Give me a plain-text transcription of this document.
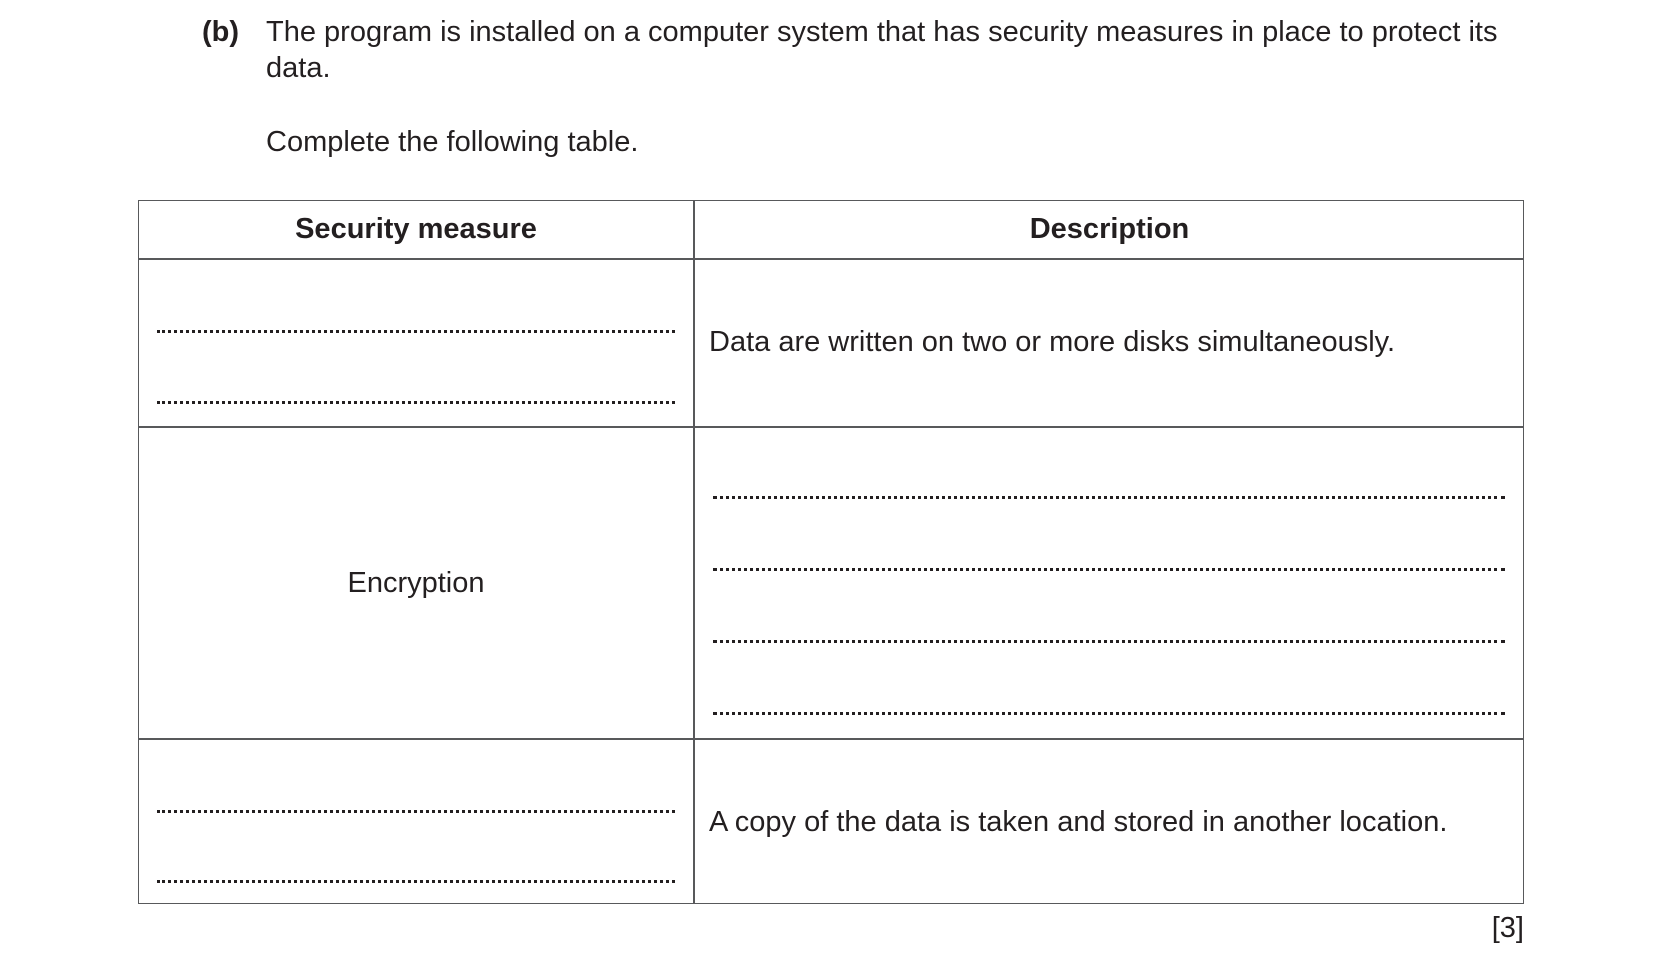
(b) The program is installed on a computer system that has security measures in place to protect its data.
Complete the following table.
Security measure	Description
Data are written on two or more disks simultaneously.
Encryption
A copy of the data is taken and stored in another location.
[3]
